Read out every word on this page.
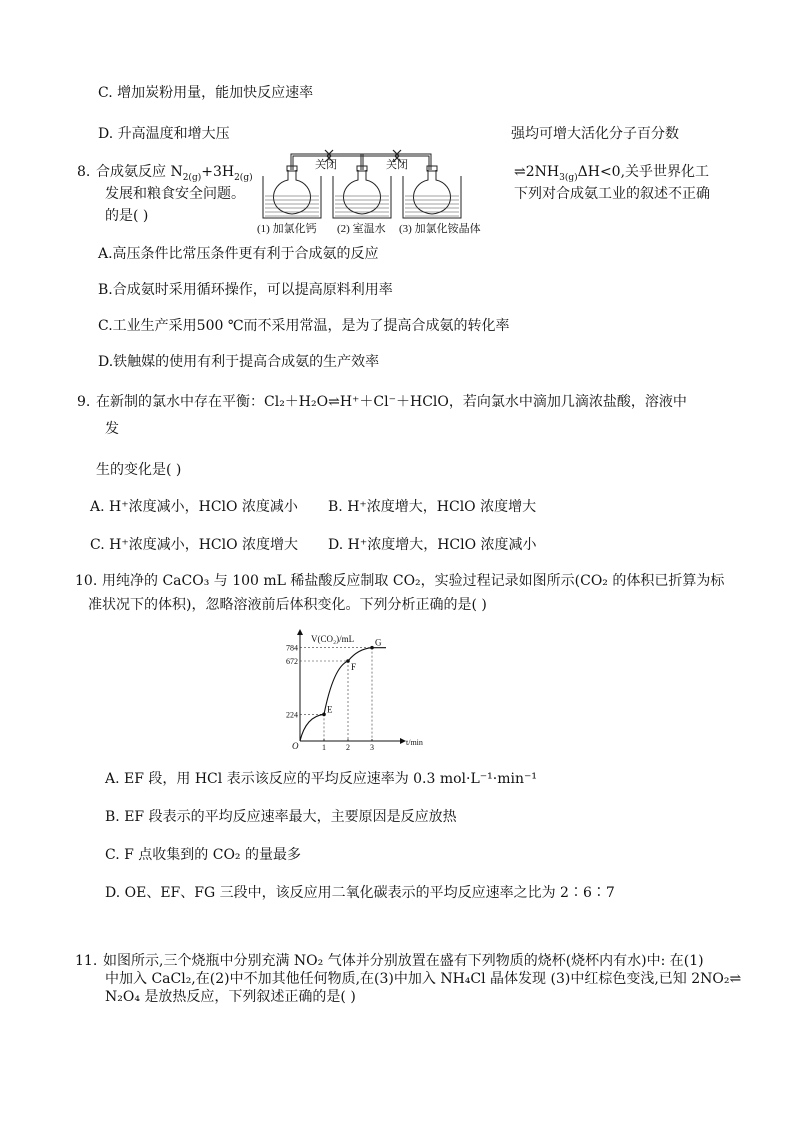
C. 增加炭粉用量，能加快反应速率
D. 升高温度和增大压	强均可增大活化分子百分数
8. 合成氨反应 $N_{2(g)}+3H_{2(g)}$	$\rightleftharpoons 2NH_{3(g)}\Delta H<0$,关乎世界化工
发展和粮食安全问题。	下列对合成氨工业的叙述不正确
的是( )
关闭	关闭
(1) 加氯化钙 (2) 室温水 (3) 加氯化铵晶体
A.高压条件比常压条件更有利于合成氨的反应
B.合成氨时采用循环操作，可以提高原料利用率
C.工业生产采用500 ℃而不采用常温，是为了提高合成氨的转化率
D.铁触媒的使用有利于提高合成氨的生产效率
9. 在新制的氯水中存在平衡：Cl₂＋H₂O⇌H⁺＋Cl⁻＋HClO，若向氯水中滴加几滴浓盐酸，溶液中
发
生的变化是( )
A. H⁺浓度减小，HClO 浓度减小 B. H⁺浓度增大，HClO 浓度增大
C. H⁺浓度减小，HClO 浓度增大 D. H⁺浓度增大，HClO 浓度减小
10. 用纯净的 CaCO₃ 与 100 mL 稀盐酸反应制取 CO₂，实验过程记录如图所示(CO₂ 的体积已折算为标
准状况下的体积)，忽略溶液前后体积变化。下列分析正确的是( )
E
F
G
V(CO₂)/mL
t/min
O
784
672
224
1	2	3
A. EF 段，用 HCl 表示该反应的平均反应速率为 0.3 mol·L⁻¹·min⁻¹
B. EF 段表示的平均反应速率最大，主要原因是反应放热
C. F 点收集到的 CO₂ 的量最多
D. OE、EF、FG 三段中，该反应用二氧化碳表示的平均反应速率之比为 2∶6∶7
11. 如图所示,三个烧瓶中分别充满 NO₂ 气体并分别放置在盛有下列物质的烧杯(烧杯内有水)中: 在(1)
中加入 CaCl₂,在(2)中不加其他任何物质,在(3)中加入 NH₄Cl 晶体发现 (3)中红棕色变浅,已知 2NO₂⇌
N₂O₄ 是放热反应，下列叙述正确的是( )
